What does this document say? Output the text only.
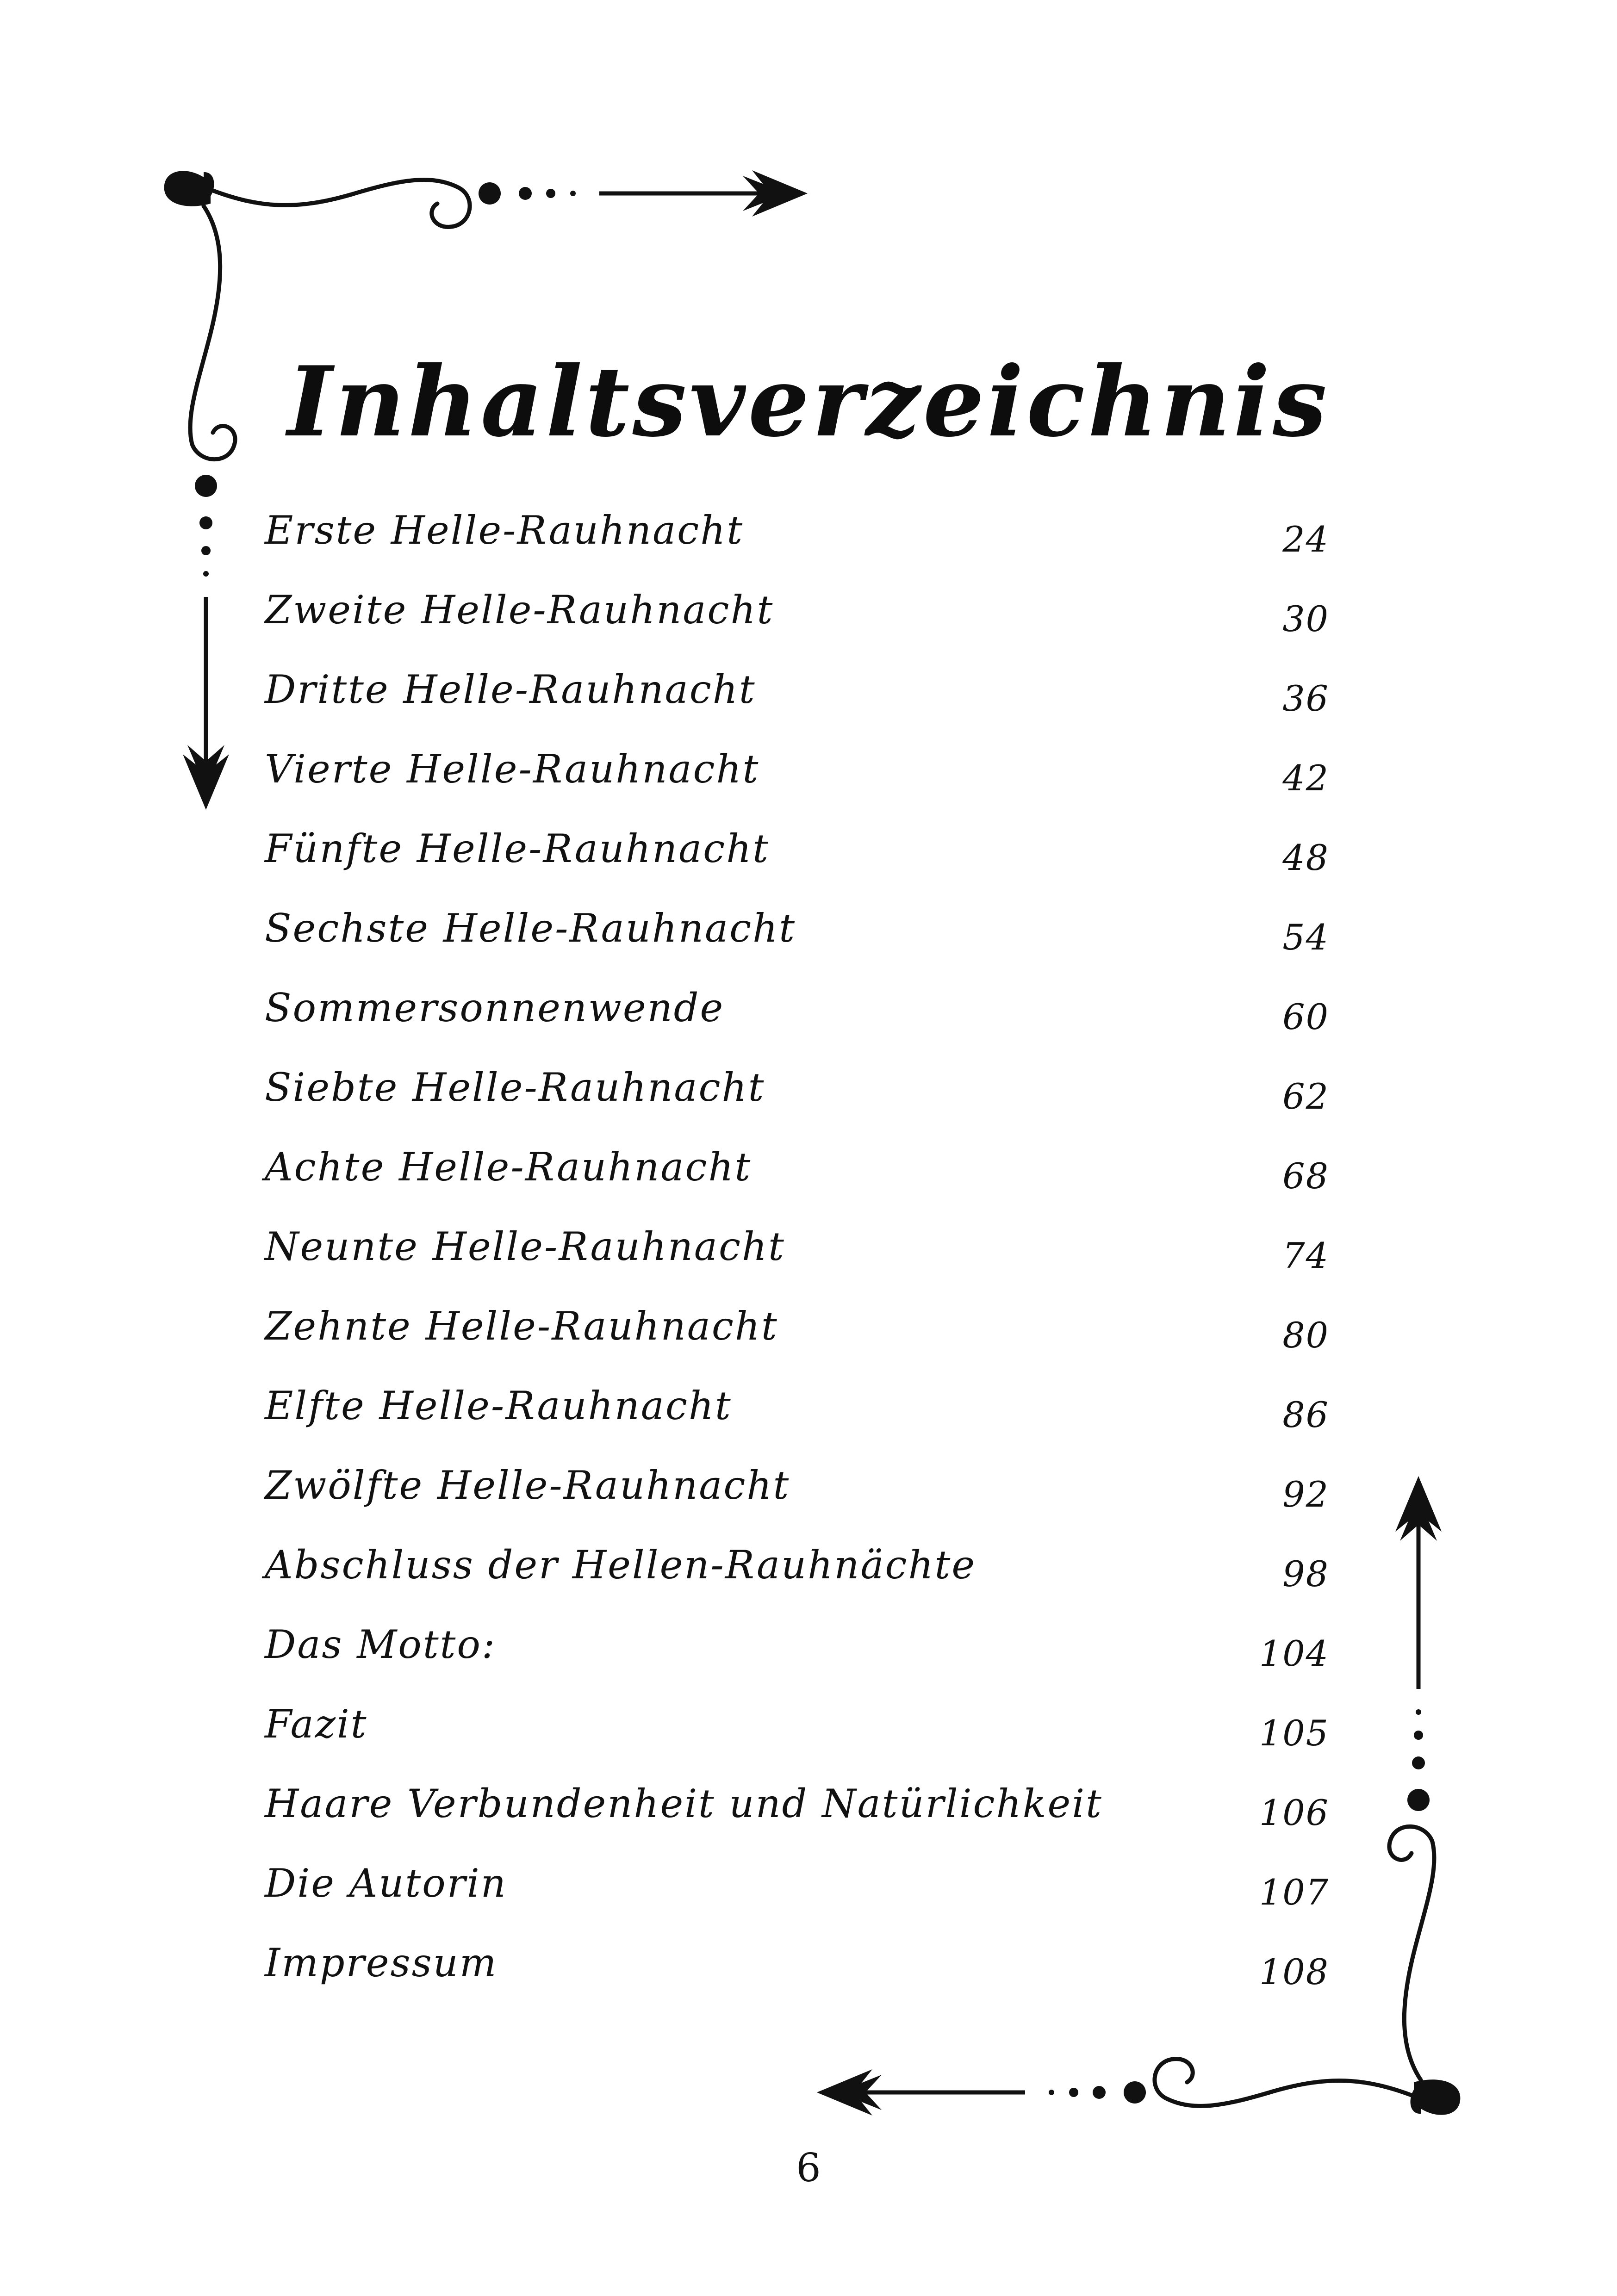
Inhaltsverzeichnis
Erste Helle-Rauhnacht	24
Zweite Helle-Rauhnacht	30
Dritte Helle-Rauhnacht	36
Vierte Helle-Rauhnacht	42
Fünfte Helle-Rauhnacht	48
Sechste Helle-Rauhnacht	54
Sommersonnenwende	60
Siebte Helle-Rauhnacht	62
Achte Helle-Rauhnacht	68
Neunte Helle-Rauhnacht	74
Zehnte Helle-Rauhnacht	80
Elfte Helle-Rauhnacht	86
Zwölfte Helle-Rauhnacht	92
Abschluss der Hellen-Rauhnächte	98
Das Motto:	104
Fazit	105
Haare Verbundenheit und Natürlichkeit	106
Die Autorin	107
Impressum	108
6
